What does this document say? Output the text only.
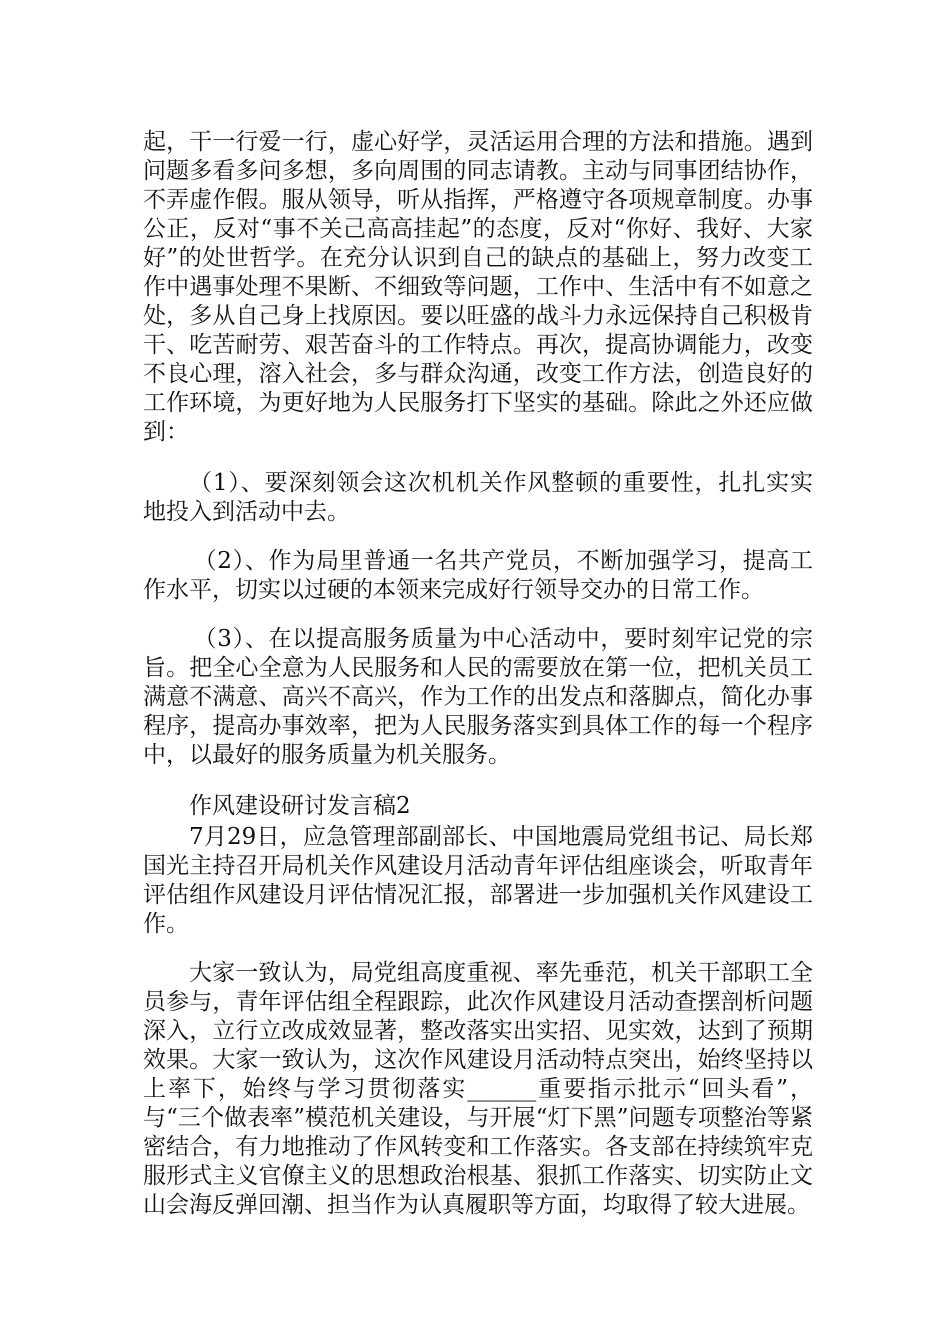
起，干一行爱一行，虚心好学，灵活运用合理的方法和措施。遇到问题多看多问多想，多向周围的同志请教。主动与同事团结协作，不弄虚作假。服从领导，听从指挥，严格遵守各项规章制度。办事公正，反对“事不关己高高挂起”的态度，反对“你好、我好、大家好”的处世哲学。在充分认识到自己的缺点的基础上，努力改变工作中遇事处理不果断、不细致等问题，工作中、生活中有不如意之处，多从自己身上找原因。要以旺盛的战斗力永远保持自己积极肯干、吃苦耐劳、艰苦奋斗的工作特点。再次，提高协调能力，改变不良心理，溶入社会，多与群众沟通，改变工作方法，创造良好的工作环境，为更好地为人民服务打下坚实的基础。除此之外还应做到：

（1）、要深刻领会这次机机关作风整顿的重要性，扎扎实实地投入到活动中去。

（2）、作为局里普通一名共产党员，不断加强学习，提高工作水平，切实以过硬的本领来完成好行领导交办的日常工作。

（3）、在以提高服务质量为中心活动中，要时刻牢记党的宗旨。把全心全意为人民服务和人民的需要放在第一位，把机关员工满意不满意、高兴不高兴，作为工作的出发点和落脚点，简化办事程序，提高办事效率，把为人民服务落实到具体工作的每一个程序中，以最好的服务质量为机关服务。

作风建设研讨发言稿2

7月29日，应急管理部副部长、中国地震局党组书记、局长郑国光主持召开局机关作风建设月活动青年评估组座谈会，听取青年评估组作风建设月评估情况汇报，部署进一步加强机关作风建设工作。

大家一致认为，局党组高度重视、率先垂范，机关干部职工全员参与，青年评估组全程跟踪，此次作风建设月活动查摆剖析问题深入，立行立改成效显著，整改落实出实招、见实效，达到了预期效果。大家一致认为，这次作风建设月活动特点突出，始终坚持以上率下，始终与学习贯彻落实______重要指示批示“回头看”，与“三个做表率”模范机关建设，与开展“灯下黑”问题专项整治等紧密结合，有力地推动了作风转变和工作落实。各支部在持续筑牢克服形式主义官僚主义的思想政治根基、狠抓工作落实、切实防止文山会海反弹回潮、担当作为认真履职等方面，均取得了较大进展。
